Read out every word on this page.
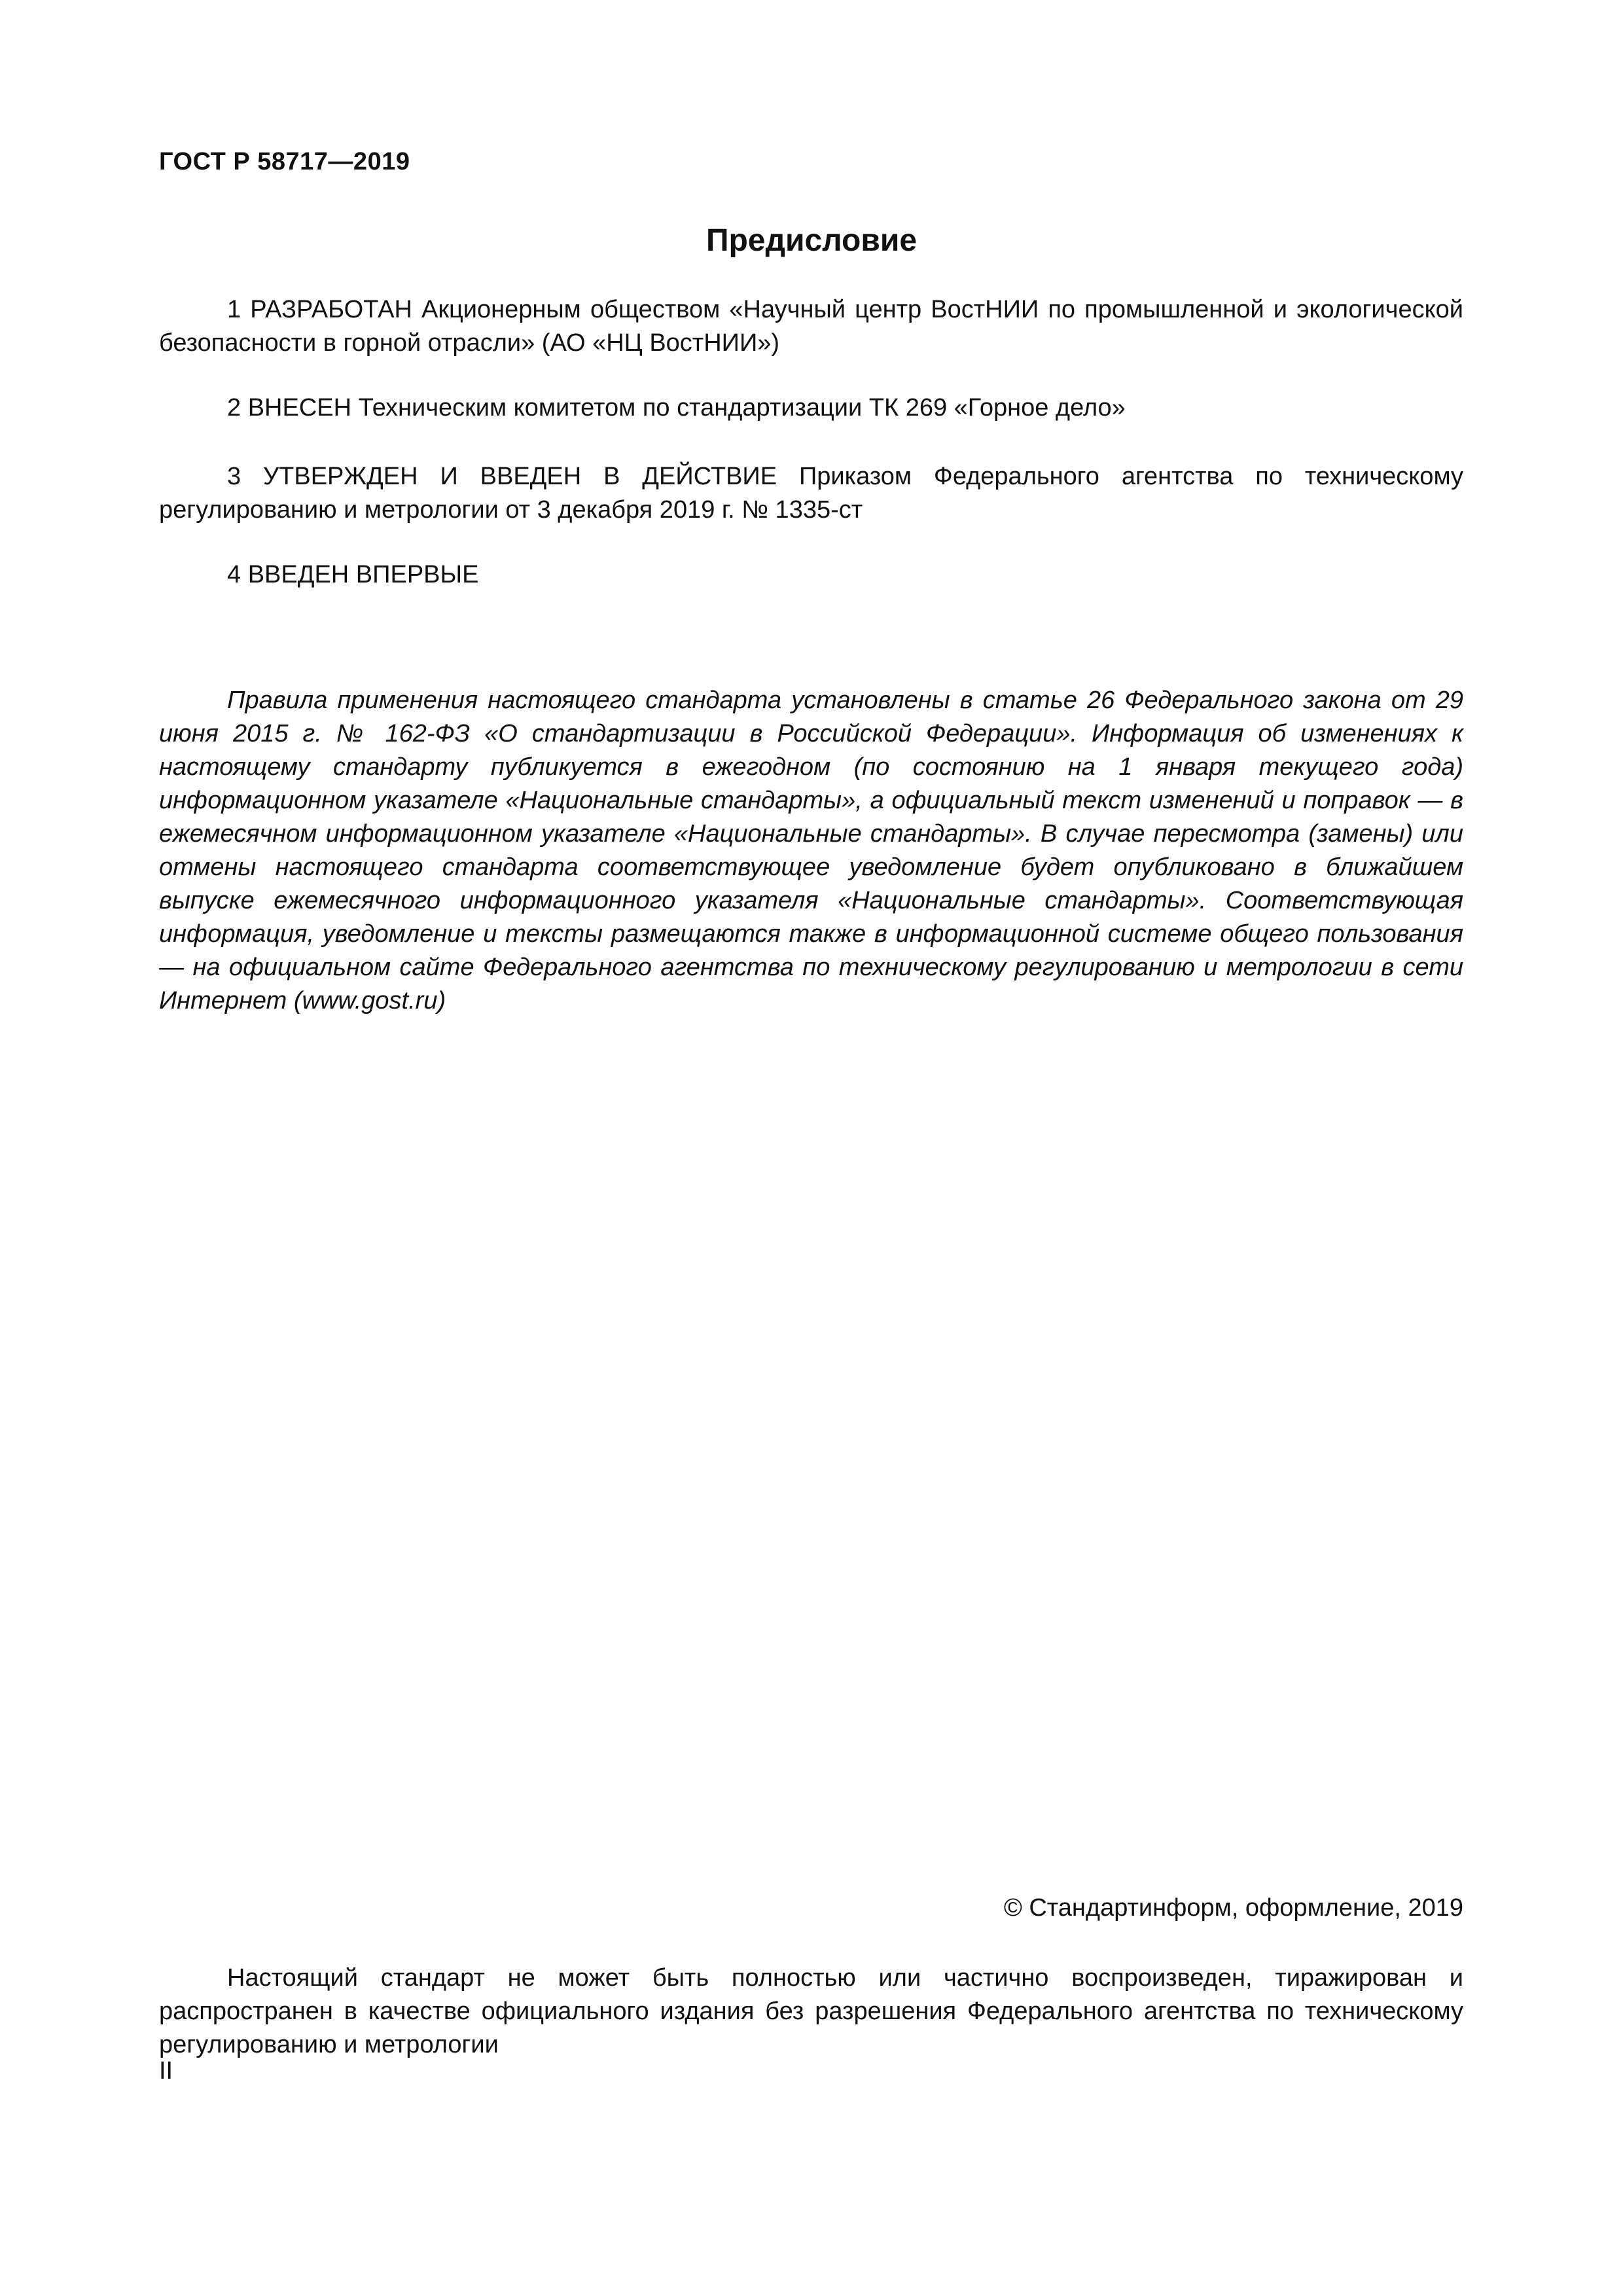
ГОСТ Р 58717—2019
Предисловие
1 РАЗРАБОТАН Акционерным обществом «Научный центр ВостНИИ по промышленной и экологической безопасности в горной отрасли» (АО «НЦ ВостНИИ»)
2 ВНЕСЕН Техническим комитетом по стандартизации ТК 269 «Горное дело»
3 УТВЕРЖДЕН И ВВЕДЕН В ДЕЙСТВИЕ Приказом Федерального агентства по техническому регулированию и метрологии от 3 декабря 2019 г. № 1335-ст
4 ВВЕДЕН ВПЕРВЫЕ
Правила применения настоящего стандарта установлены в статье 26 Федерального закона от 29 июня 2015 г. № 162-ФЗ «О стандартизации в Российской Федерации». Информация об изменениях к настоящему стандарту публикуется в ежегодном (по состоянию на 1 января текущего года) информационном указателе «Национальные стандарты», а официальный текст изменений и поправок — в ежемесячном информационном указателе «Национальные стандарты». В случае пересмотра (замены) или отмены настоящего стандарта соответствующее уведомление будет опубликовано в ближайшем выпуске ежемесячного информационного указателя «Национальные стандарты». Соответствующая информация, уведомление и тексты размещаются также в информационной системе общего пользования — на официальном сайте Федерального агентства по техническому регулированию и метрологии в сети Интернет (www.gost.ru)
© Стандартинформ, оформление, 2019
Настоящий стандарт не может быть полностью или частично воспроизведен, тиражирован и распространен в качестве официального издания без разрешения Федерального агентства по техническому регулированию и метрологии
II
